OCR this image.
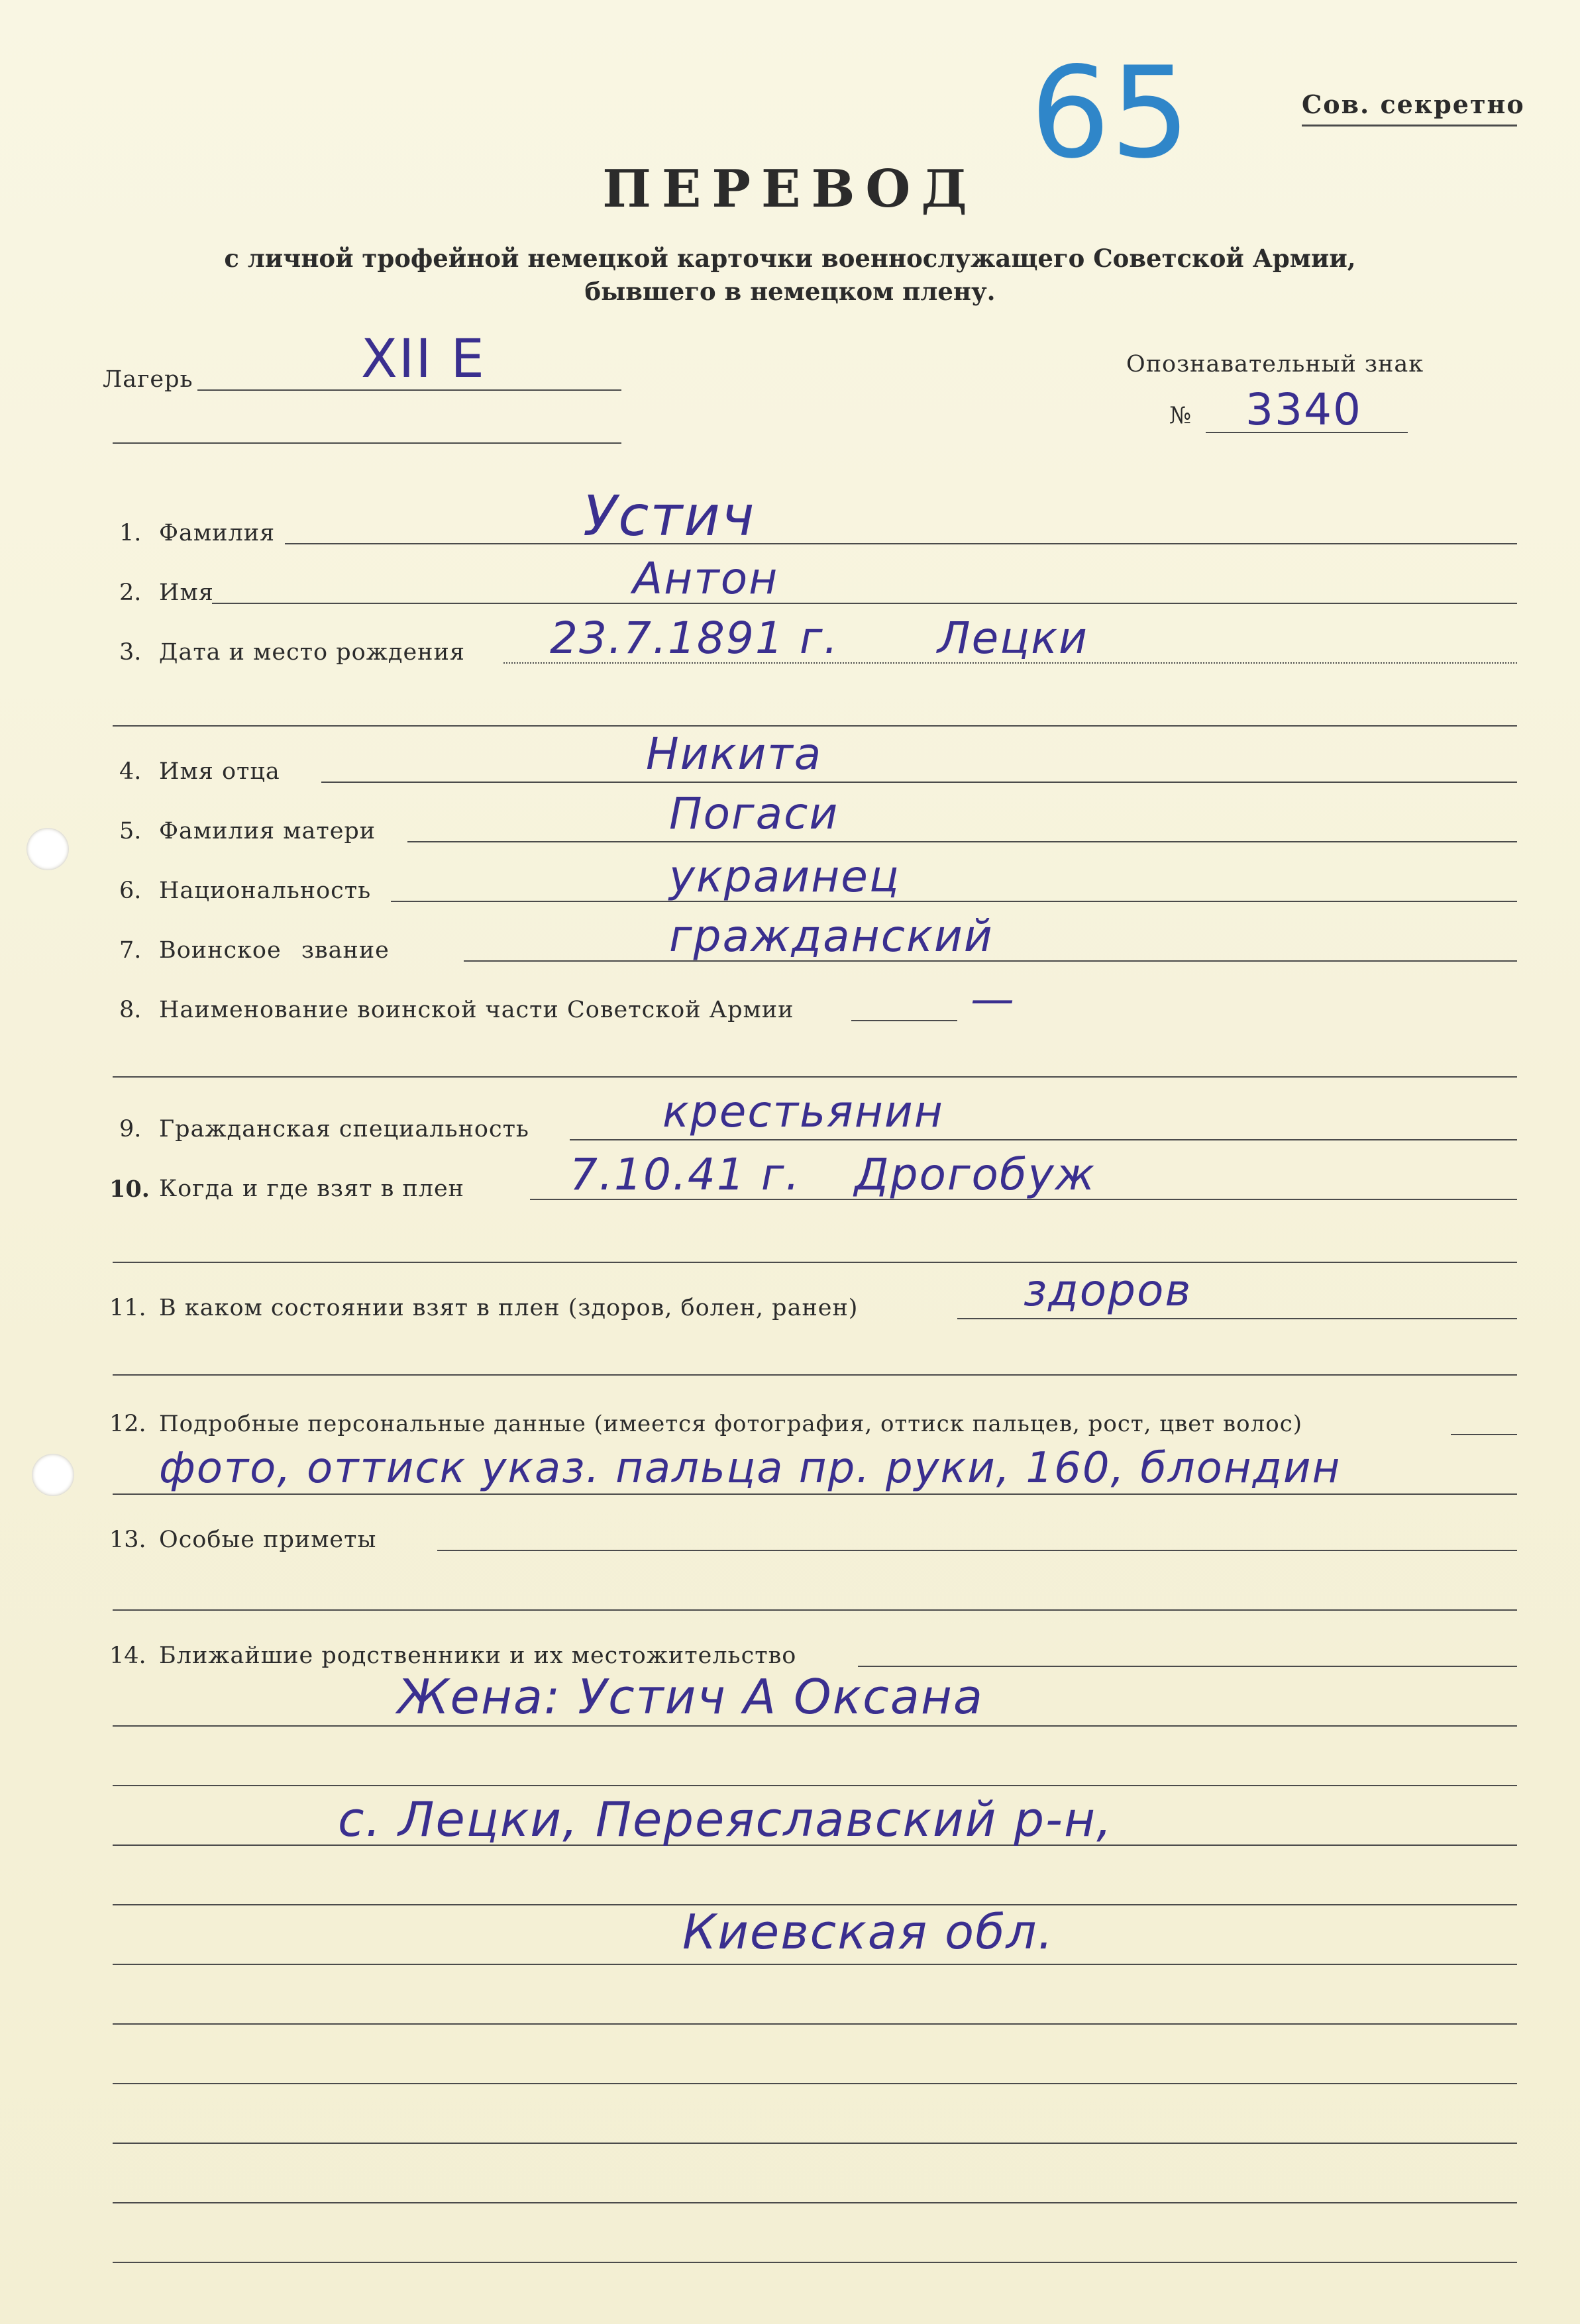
65	Сов. секретно
ПЕРЕВОД
с личной трофейной немецкой карточки военнослужащего Советской Армии,
бывшего в немецком плену.
Лагерь	XII E	Опознавательный знак
№ 3340
1. Фамилия	Устич
2. Имя	Антон
3. Дата и место рождения 23.7.1891 г. Лецки
4. Имя отца	Никита
5. Фамилия матери	Погаси
6. Национальность	украинец
7. Воинское звание	гражданский
8. Наименование воинской части Советской Армии	—
9. Гражданская специальность	крестьянин
10. Когда и где взят в плен 7.10.41 г. Дрогобуж
11. В каком состоянии взят в плен (здоров, болен, ранен)	здоров
12. Подробные персональные данные (имеется фотография, оттиск пальцев, рост, цвет волос)
фото, оттиск указ. пальца пр. руки, 160, блондин
13. Особые приметы
14. Ближайшие родственники и их местожительство
Жена: Устич А Оксана
с. Лецки, Переяславский р-н,
Киевская обл.
